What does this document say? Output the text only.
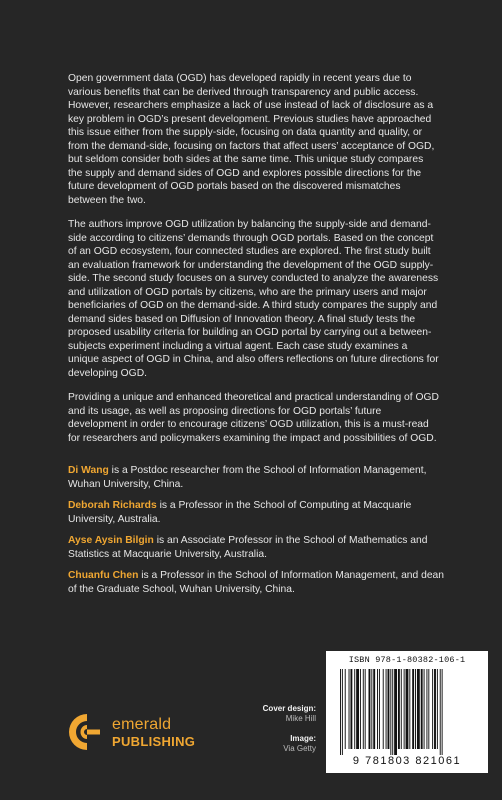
Open government data (OGD) has developed rapidly in recent years due to various benefits that can be derived through transparency and public access. However, researchers emphasize a lack of use instead of lack of disclosure as a key problem in OGD’s present development. Previous studies have approached this issue either from the supply-side, focusing on data quantity and quality, or from the demand-side, focusing on factors that affect users’ acceptance of OGD, but seldom consider both sides at the same time. This unique study compares the supply and demand sides of OGD and explores possible directions for the future development of OGD portals based on the discovered mismatches between the two.

The authors improve OGD utilization by balancing the supply-side and demand-side according to citizens’ demands through OGD portals. Based on the concept of an OGD ecosystem, four connected studies are explored. The first study built an evaluation framework for understanding the development of the OGD supply-side. The second study focuses on a survey conducted to analyze the awareness and utilization of OGD portals by citizens, who are the primary users and major beneficiaries of OGD on the demand-side. A third study compares the supply and demand sides based on Diffusion of Innovation theory. A final study tests the proposed usability criteria for building an OGD portal by carrying out a between-subjects experiment including a virtual agent. Each case study examines a unique aspect of OGD in China, and also offers reflections on future directions for developing OGD.

Providing a unique and enhanced theoretical and practical understanding of OGD and its usage, as well as proposing directions for OGD portals’ future development in order to encourage citizens’ OGD utilization, this is a must-read for researchers and policymakers examining the impact and possibilities of OGD.

Di Wang is a Postdoc researcher from the School of Information Management, Wuhan University, China.

Deborah Richards is a Professor in the School of Computing at Macquarie University, Australia.

Ayse Aysin Bilgin is an Associate Professor in the School of Mathematics and Statistics at Macquarie University, Australia.

Chuanfu Chen is a Professor in the School of Information Management, and dean of the Graduate School, Wuhan University, China.

emerald
PUBLISHING
Cover design:
Mike Hill
Image:
Via Getty
ISBN 978-1-80382-106-1
9 781803 821061
